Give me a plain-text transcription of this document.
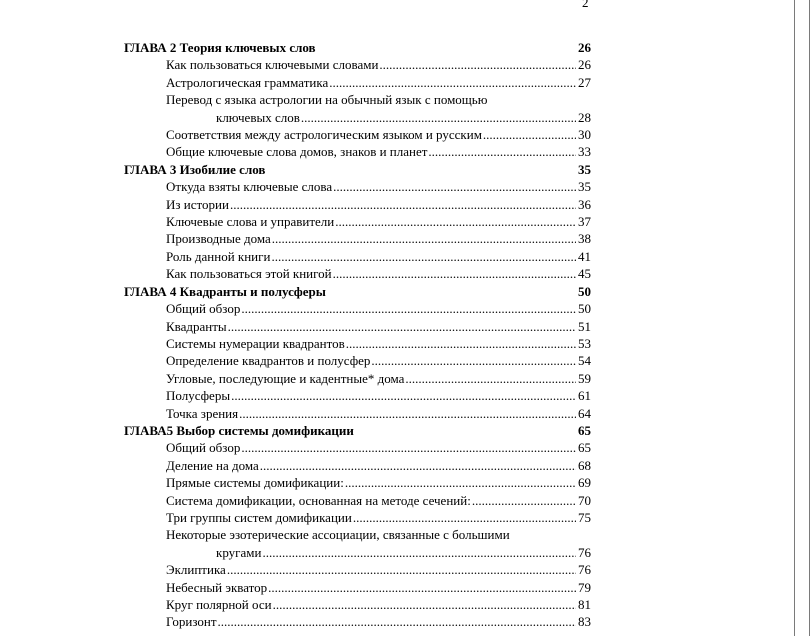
2
ГЛАВА 2 Теория ключевых слов	26
Как пользоваться ключевыми словами .....	26
Астрологическая грамматика .....	27
Перевод с языка астрологии на обычный язык с помощью
ключевых слов .....	28
Соответствия между астрологическим языком и русским .....	30
Общие ключевые слова домов, знаков и планет .....	33
ГЛАВА 3 Изобилие слов	35
Откуда взяты ключевые слова .....	35
Из истории .....	36
Ключевые слова и управители .....	37
Производные дома .....	38
Роль данной книги .....	41
Как пользоваться этой книгой .....	45
ГЛАВА 4 Квадранты и полусферы	50
Общий обзор .....	50
Квадранты .....	51
Системы нумерации квадрантов .....	53
Определение квадрантов и полусфер .....	54
Угловые, последующие и кадентные* дома .....	59
Полусферы .....	61
Точка зрения .....	64
ГЛАВА5 Выбор системы домификации	65
Общий обзор .....	65
Деление на дома .....	68
Прямые системы домификации: .....	69
Система домификации, основанная на методе сечений: .....	70
Три группы систем домификации .....	75
Некоторые эзотерические ассоциации, связанные с большими
кругами .....	76
Эклиптика .....	76
Небесный экватор .....	79
Круг полярной оси .....	81
Горизонт .....	83
